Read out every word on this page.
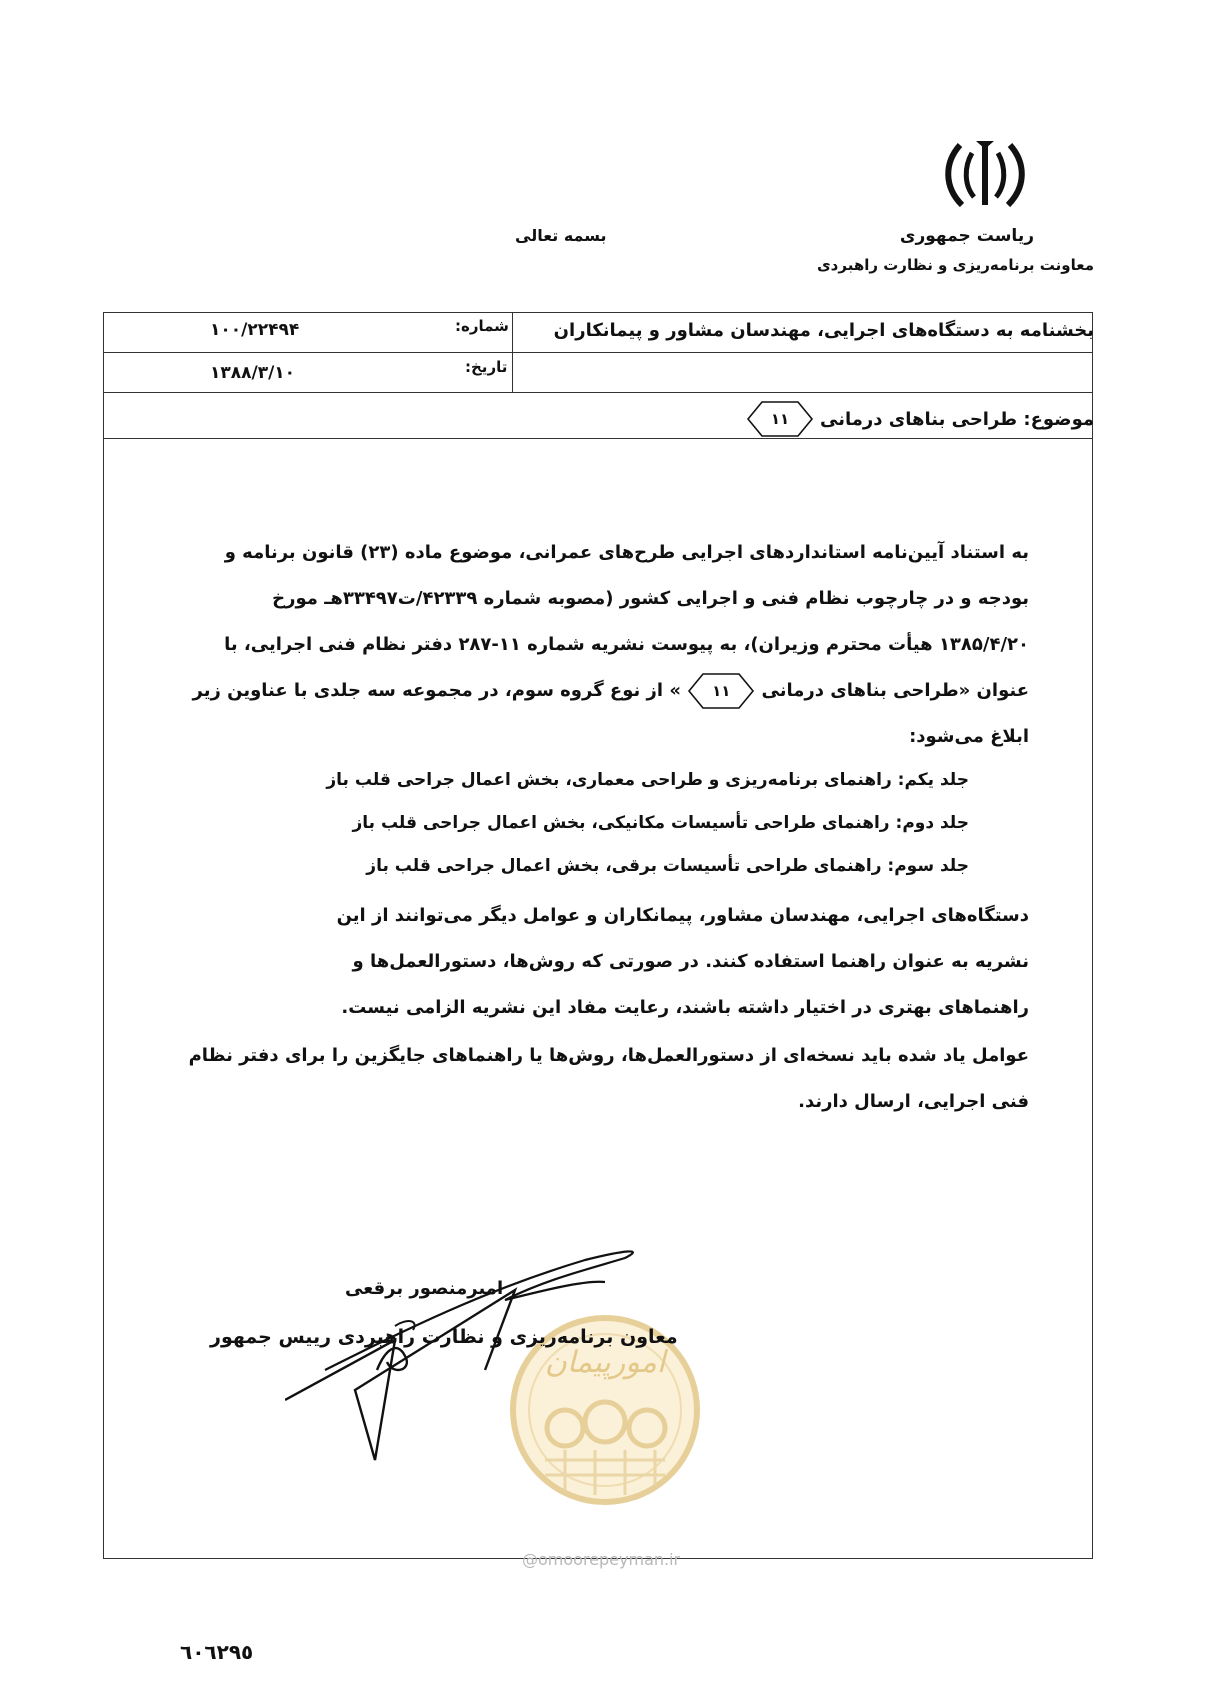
ریاست جمهوری
معاونت برنامه‌ریزی و نظارت راهبردی
بسمه تعالی
بخشنامه به دستگاه‌های اجرایی، مهندسان مشاور و پیمانکاران
شماره:
۱۰۰/۲۲۴۹۴
تاریخ:
۱۳۸۸/۳/۱۰
موضوع: طراحی بناهای درمانی
۱۱
به استناد آیین‌نامه استانداردهای اجرایی طرح‌های عمرانی، موضوع ماده (۲۳) قانون برنامه و
بودجه و در چارچوب نظام فنی و اجرایی کشور (مصوبه شماره ۴۲۳۳۹/ت۳۳۴۹۷هـ مورخ
۱۳۸۵/۴/۲۰ هیأت محترم وزیران)، به پیوست نشریه شماره ۱۱-۲۸۷ دفتر نظام فنی اجرایی، با
عنوان «طراحی بناهای درمانی
۱۱
» از نوع گروه سوم، در مجموعه سه جلدی با عناوین زیر
ابلاغ می‌شود:
جلد یکم: راهنمای برنامه‌ریزی و طراحی معماری، بخش اعمال جراحی قلب باز
جلد دوم: راهنمای طراحی تأسیسات مکانیکی، بخش اعمال جراحی قلب باز
جلد سوم: راهنمای طراحی تأسیسات برقی، بخش اعمال جراحی قلب باز
دستگاه‌های اجرایی، مهندسان مشاور، پیمانکاران و عوامل دیگر می‌توانند از این
نشریه به عنوان راهنما استفاده کنند. در صورتی که روش‌ها، دستورالعمل‌ها و
راهنماهای بهتری در اختیار داشته باشند، رعایت مفاد این نشریه الزامی نیست.
عوامل یاد شده باید نسخه‌ای از دستورالعمل‌ها، روش‌ها یا راهنماهای جایگزین را برای دفتر نظام
فنی اجرایی، ارسال دارند.
امورپیمان
امیرمنصور برقعی
معاون برنامه‌ریزی و نظارت راهبردی رییس جمهور
@omoorepeyman.ir
٦٠٦٢٩٥
